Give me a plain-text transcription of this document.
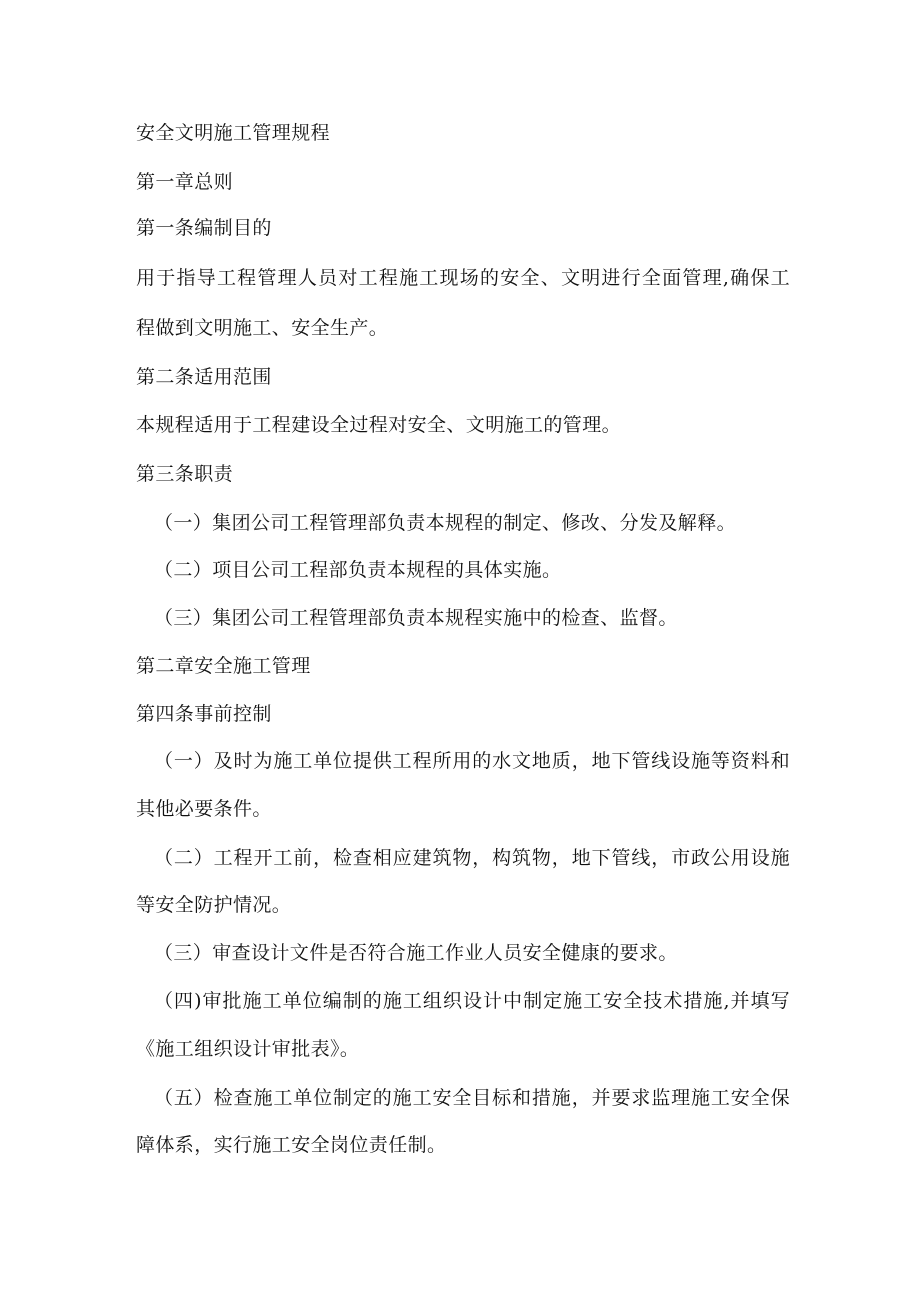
安全文明施工管理规程
第一章总则
第一条编制目的
用于指导工程管理人员对工程施工现场的安全、文明进行全面管理,确保工
程做到文明施工、安全生产。
第二条适用范围
本规程适用于工程建设全过程对安全、文明施工的管理。
第三条职责
（一）集团公司工程管理部负责本规程的制定、修改、分发及解释。
（二）项目公司工程部负责本规程的具体实施。
（三）集团公司工程管理部负责本规程实施中的检查、监督。
第二章安全施工管理
第四条事前控制
（一）及时为施工单位提供工程所用的水文地质，地下管线设施等资料和
其他必要条件。
（二）工程开工前，检查相应建筑物，构筑物，地下管线，市政公用设施
等安全防护情况。
（三）审查设计文件是否符合施工作业人员安全健康的要求。
（四)审批施工单位编制的施工组织设计中制定施工安全技术措施,并填写
《施工组织设计审批表》。
（五）检查施工单位制定的施工安全目标和措施，并要求监理施工安全保
障体系，实行施工安全岗位责任制。
